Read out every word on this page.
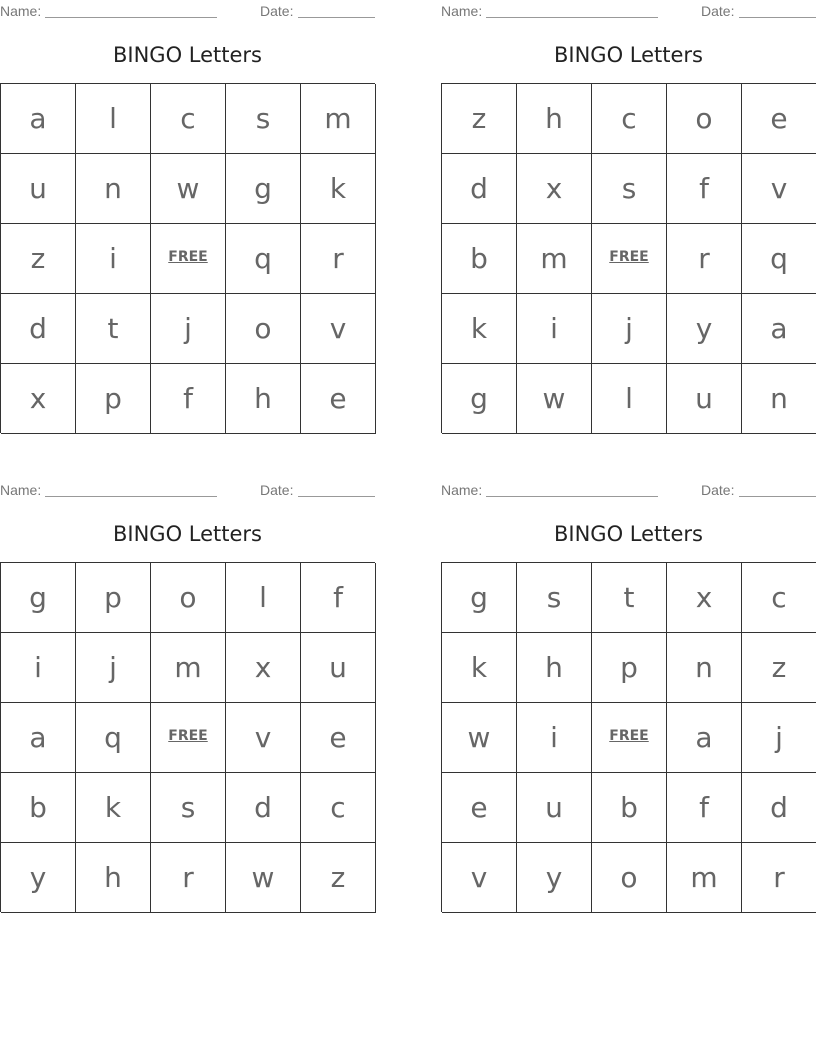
Name:	Date:
BINGO Letters
a	l	c	s	m
u	n	w	g	k
z	i	FREE	q	r
d	t	j	o	v
x	p	f	h	e
Name:	Date:
BINGO Letters
z	h	c	o	e
d	x	s	f	v
b	m	FREE	r	q
k	i	j	y	a
g	w	l	u	n
Name:	Date:
BINGO Letters
g	p	o	l	f
i	j	m	x	u
a	q	FREE	v	e
b	k	s	d	c
y	h	r	w	z
Name:	Date:
BINGO Letters
g	s	t	x	c
k	h	p	n	z
w	i	FREE	a	j
e	u	b	f	d
v	y	o	m	r
